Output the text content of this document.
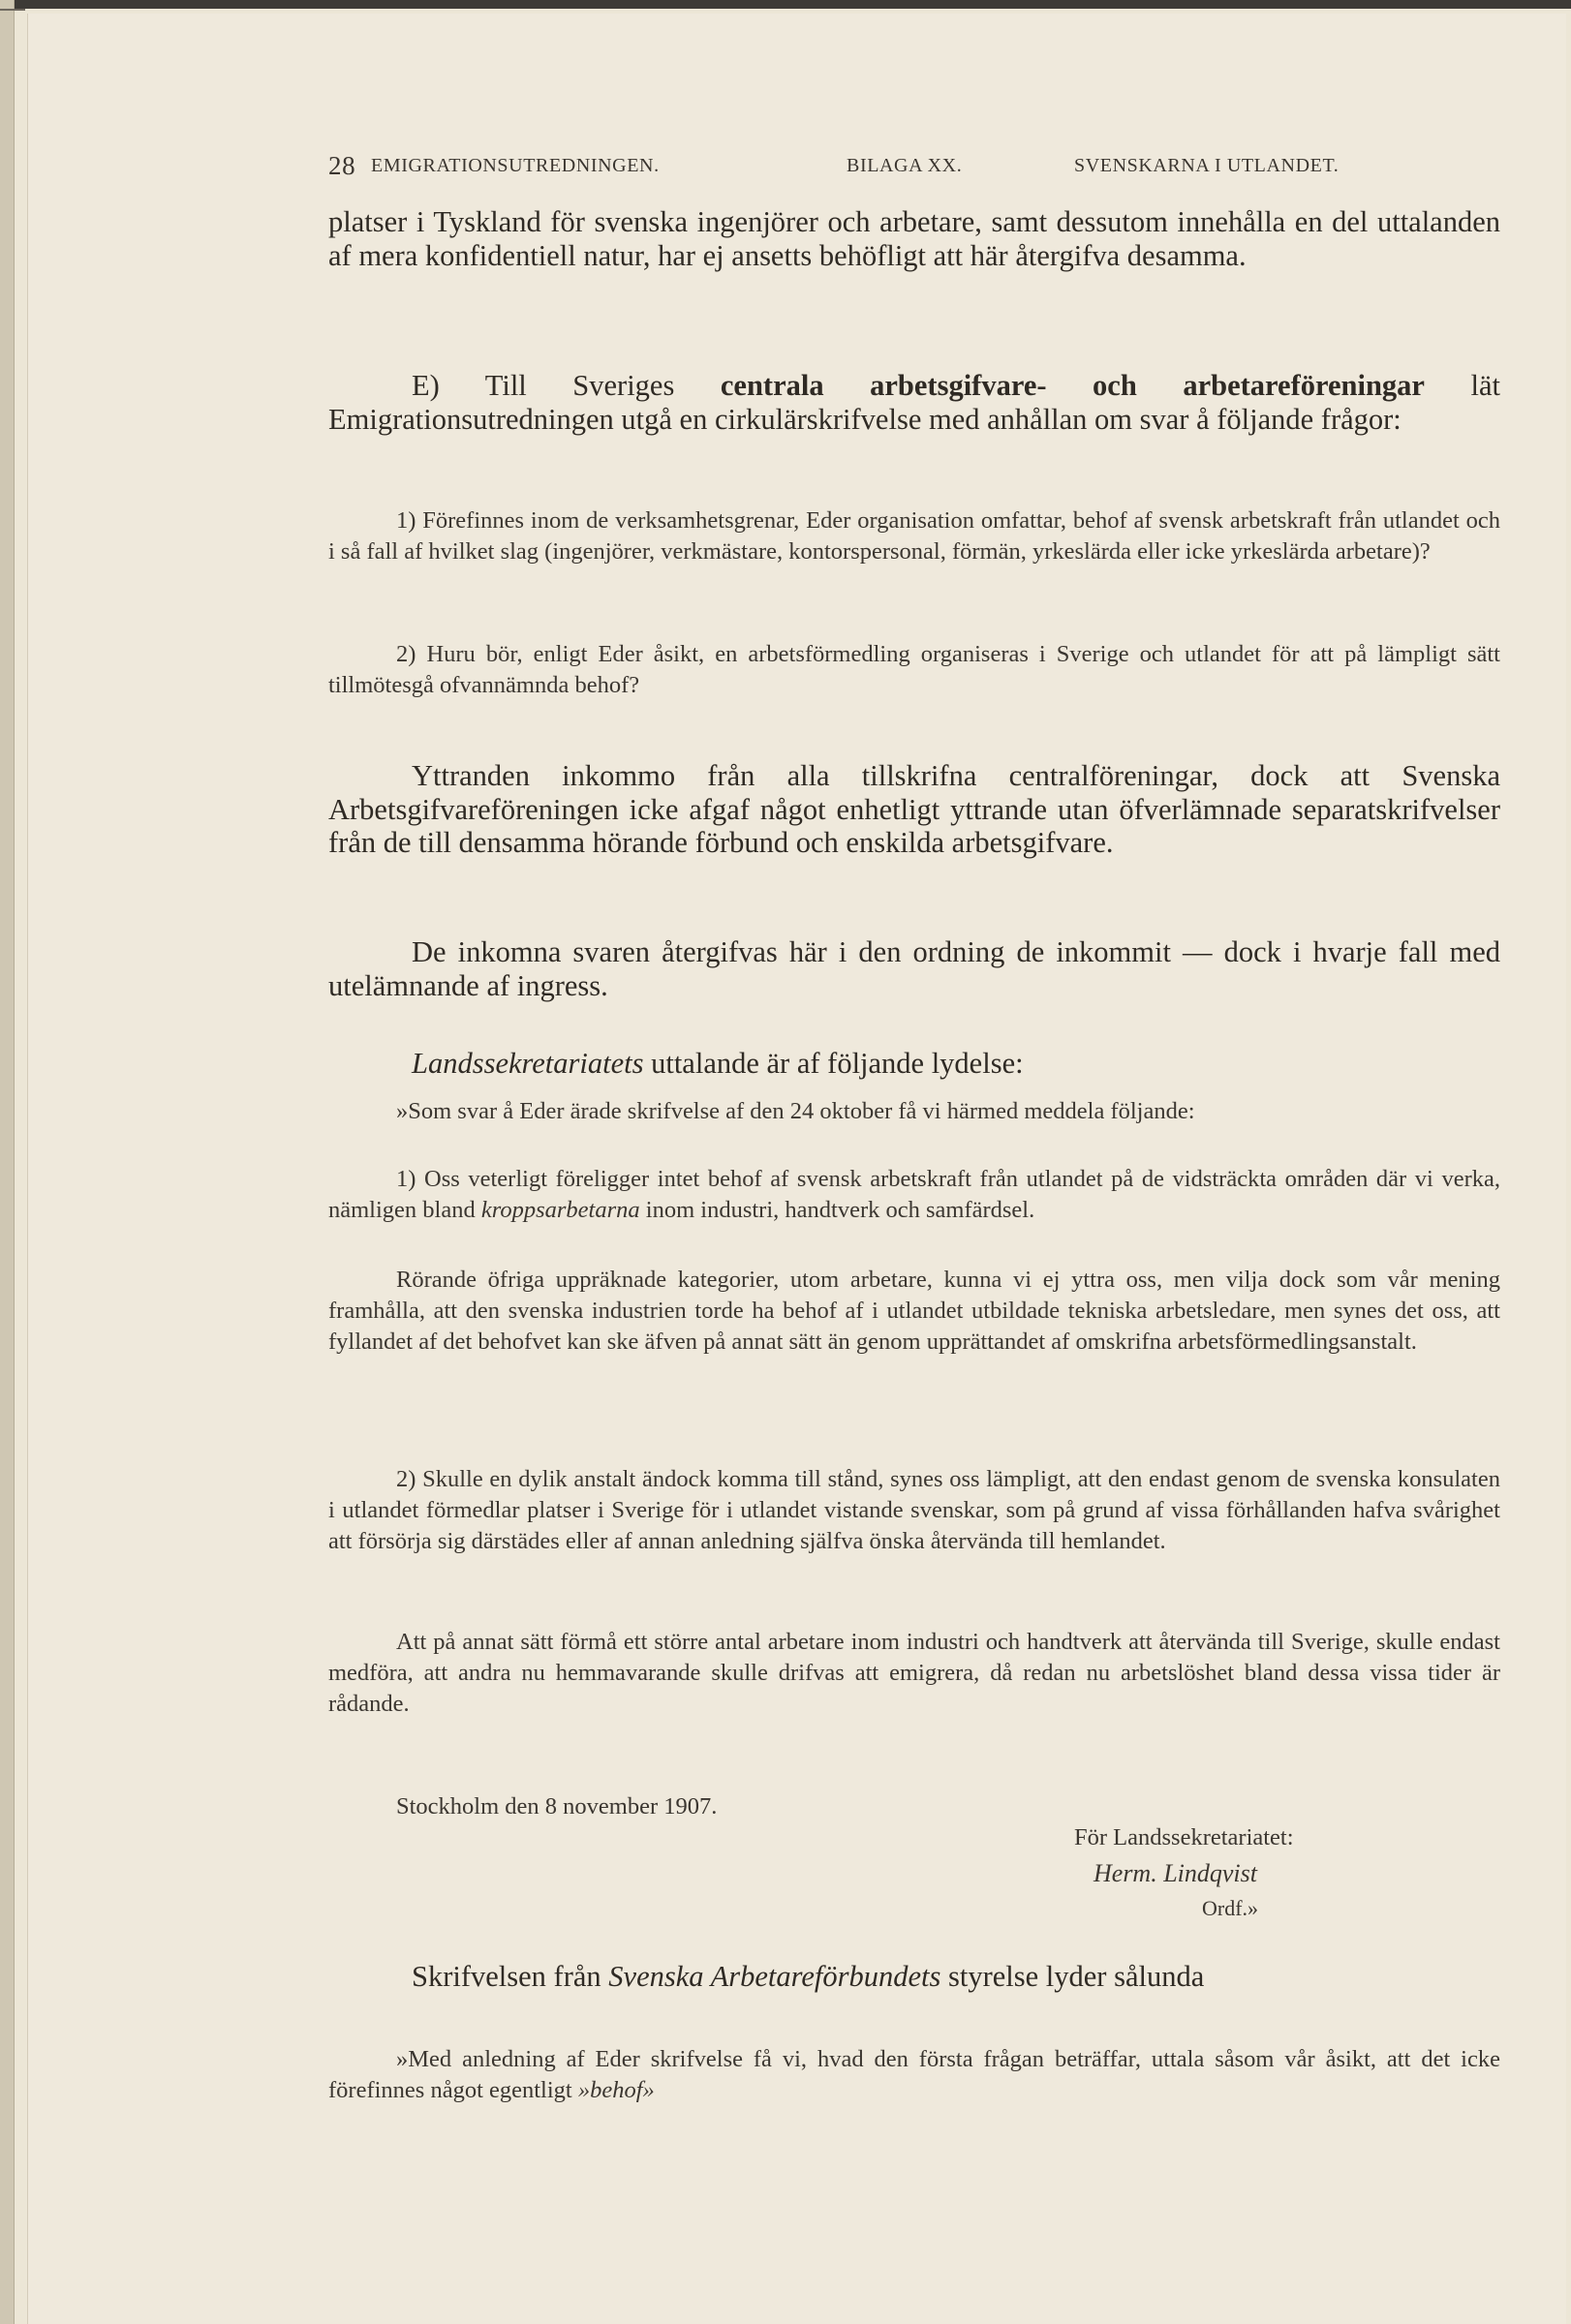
28 EMIGRATIONSUTREDNINGEN.	BILAGA XX.	SVENSKARNA I UTLANDET.

platser i Tyskland för svenska ingenjörer och arbetare, samt dessutom innehålla en del uttalanden af mera konfidentiell natur, har ej ansetts behöfligt att här återgifva desamma.

E) Till Sveriges centrala arbetsgifvare- och arbetareföreningar lät Emigrationsutredningen utgå en cirkulärskrifvelse med anhållan om svar å följande frågor:

1) Förefinnes inom de verksamhetsgrenar, Eder organisation omfattar, behof af svensk arbetskraft från utlandet och i så fall af hvilket slag (ingenjörer, verkmästare, kontorspersonal, förmän, yrkeslärda eller icke yrkeslärda arbetare)?

2) Huru bör, enligt Eder åsikt, en arbetsförmedling organiseras i Sverige och utlandet för att på lämpligt sätt tillmötesgå ofvannämnda behof?

Yttranden inkommo från alla tillskrifna centralföreningar, dock att Svenska Arbetsgifvareföreningen icke afgaf något enhetligt yttrande utan öfverlämnade separatskrifvelser från de till densamma hörande förbund och enskilda arbetsgifvare.

De inkomna svaren återgifvas här i den ordning de inkommit — dock i hvarje fall med utelämnande af ingress.

Landssekretariatets uttalande är af följande lydelse:

»Som svar å Eder ärade skrifvelse af den 24 oktober få vi härmed meddela följande:

1) Oss veterligt föreligger intet behof af svensk arbetskraft från utlandet på de vidsträckta områden där vi verka, nämligen bland kroppsarbetarna inom industri, handtverk och samfärdsel.

Rörande öfriga uppräknade kategorier, utom arbetare, kunna vi ej yttra oss, men vilja dock som vår mening framhålla, att den svenska industrien torde ha behof af i utlandet utbildade tekniska arbetsledare, men synes det oss, att fyllandet af det behofvet kan ske äfven på annat sätt än genom upprättandet af omskrifna arbetsförmedlingsanstalt.

2) Skulle en dylik anstalt ändock komma till stånd, synes oss lämpligt, att den endast genom de svenska konsulaten i utlandet förmedlar platser i Sverige för i utlandet vistande svenskar, som på grund af vissa förhållanden hafva svårighet att försörja sig därstädes eller af annan anledning själfva önska återvända till hemlandet.

Att på annat sätt förmå ett större antal arbetare inom industri och handtverk att återvända till Sverige, skulle endast medföra, att andra nu hemmavarande skulle drifvas att emigrera, då redan nu arbetslöshet bland dessa vissa tider är rådande.

Stockholm den 8 november 1907.

För Landssekretariatet:
Herm. Lindqvist
Ordf.»

Skrifvelsen från Svenska Arbetareförbundets styrelse lyder sålunda

»Med anledning af Eder skrifvelse få vi, hvad den första frågan beträffar, uttala såsom vår åsikt, att det icke förefinnes något egentligt »behof»
